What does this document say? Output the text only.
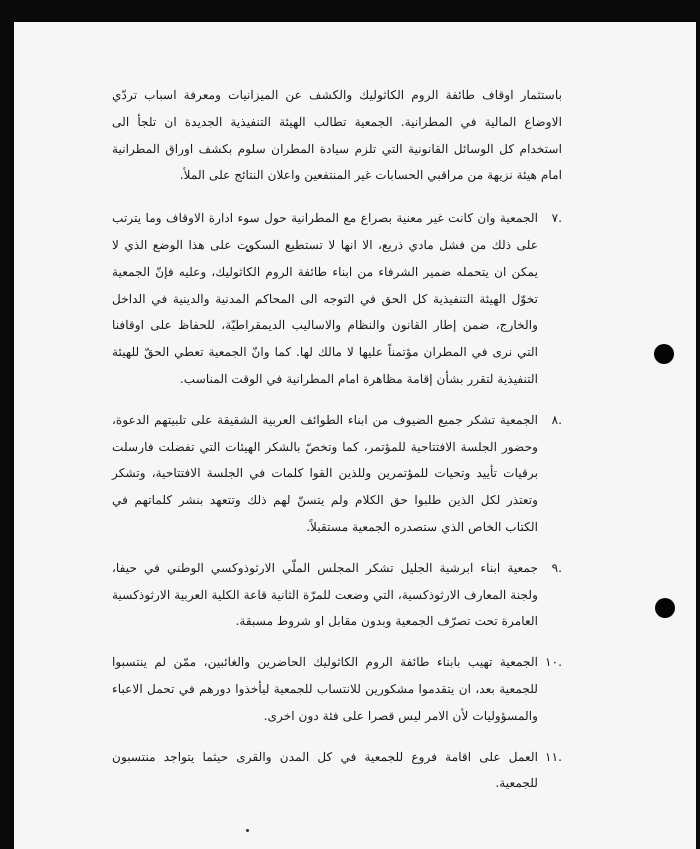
باستثمار اوقاف طائفة الروم الكاثوليك والكشف عن الميزانيات ومعرفة اسباب تردّي الاوضاع المالية في المطرانية. الجمعية تطالب الهيئة التنفيذية الجديدة ان تلجأ الى استخدام كل الوسائل القانونية التي تلزم سيادة المطران سلوم بكشف اوراق المطرانية امام هيئة نزيهة من مراقبي الحسابات غير المنتفعين واعلان النتائج على الملأ.

.٧
الجمعية وان كانت غير معنية بصراع مع المطرانية حول سوء ادارة الاوقاف وما يترتب على ذلك من فشل مادي ذريع، الا انها لا تستطيع السكوت على هذا الوضع الذي لا يمكن ان يتحمله ضمير الشرفاء من ابناء طائفة الروم الكاثوليك، وعليه فإنّ الجمعية تخوّل الهيئة التنفيذية كل الحق في التوجه الى المحاكم المدنية والدينية في الداخل والخارج، ضمن إطار القانون والنظام والاساليب الديمقراطيّة، للحفاظ على اوقافنا التي نرى في المطران مؤتمناً عليها لا مالك لها. كما وانّ الجمعية تعطي الحقّ للهيئة التنفيذية لتقرر بشأن إقامة مظاهرة امام المطرانية في الوقت المناسب.
.٨
الجمعية تشكر جميع الضيوف من ابناء الطوائف العربية الشقيقة على تلبيتهم الدعوة، وحضور الجلسة الافتتاحية للمؤتمر، كما وتخصّ بالشكر الهيئات التي تفضلت فارسلت برقيات تأييد وتحيات للمؤتمرين وللذين القوا كلمات في الجلسة الافتتاحية، وتشكر وتعتذر لكل الذين طلبوا حق الكلام ولم يتسنّ لهم ذلك وتتعهد بنشر كلماتهم في الكتاب الخاص الذي ستصدره الجمعية مستقبلاً.
.٩
جمعية ابناء ابرشية الجليل تشكر المجلس الملّي الارثوذوكسي الوطني في حيفا، ولجنة المعارف الارثوذكسية، التي وضعت للمرّة الثانية قاعة الكلية العربية الارثوذكسية العامرة تحت تصرّف الجمعية وبدون مقابل او شروط مسبقة.
.١٠
الجمعية تهيب بابناء طائفة الروم الكاثوليك الحاضرين والغائبين، ممّن لم ينتسبوا للجمعية بعد، ان يتقدموا مشكورين للانتساب للجمعية ليأخذوا دورهم في تحمل الاعباء والمسؤوليات لأن الامر ليس قصرا على فئة دون اخرى.
.١١
العمل على اقامة فروع للجمعية في كل المدن والقرى حيثما يتواجد منتسبون للجمعية.
